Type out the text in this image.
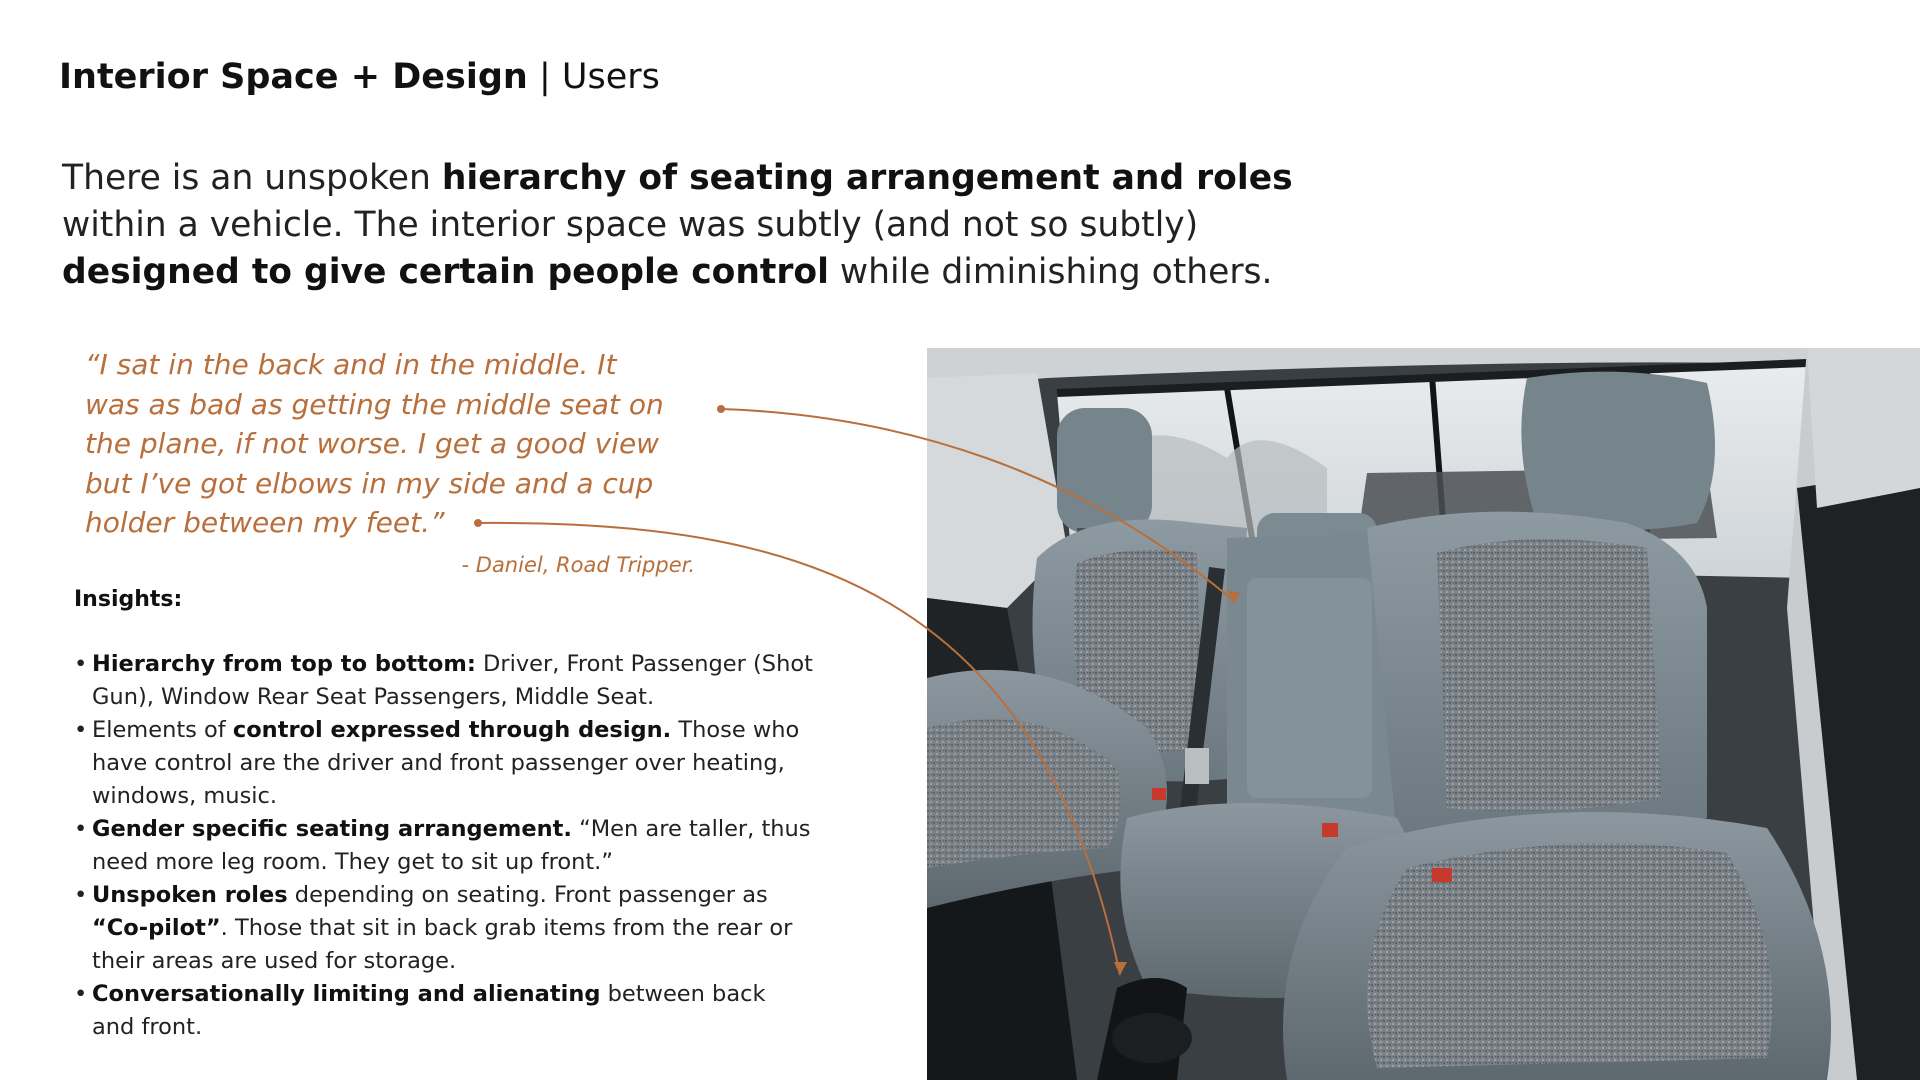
Interior Space + Design | Users
There is an unspoken hierarchy of seating arrangement and roles within a vehicle. The interior space was subtly (and not so subtly) designed to give certain people control while diminishing others.
“I sat in the back and in the middle. It
was as bad as getting the middle seat on
the plane, if not worse. I get a good view
but I’ve got elbows in my side and a cup
holder between my feet.”
- Daniel, Road Tripper.
Insights:
• Hierarchy from top to bottom: Driver, Front Passenger (Shot Gun), Window Rear Seat Passengers, Middle Seat.
• Elements of control expressed through design. Those who have control are the driver and front passenger over heating, windows, music.
• Gender specific seating arrangement. “Men are taller, thus need more leg room. They get to sit up front.”
• Unspoken roles depending on seating. Front passenger as “Co-pilot”. Those that sit in back grab items from the rear or their areas are used for storage.
• Conversationally limiting and alienating between back and front.
